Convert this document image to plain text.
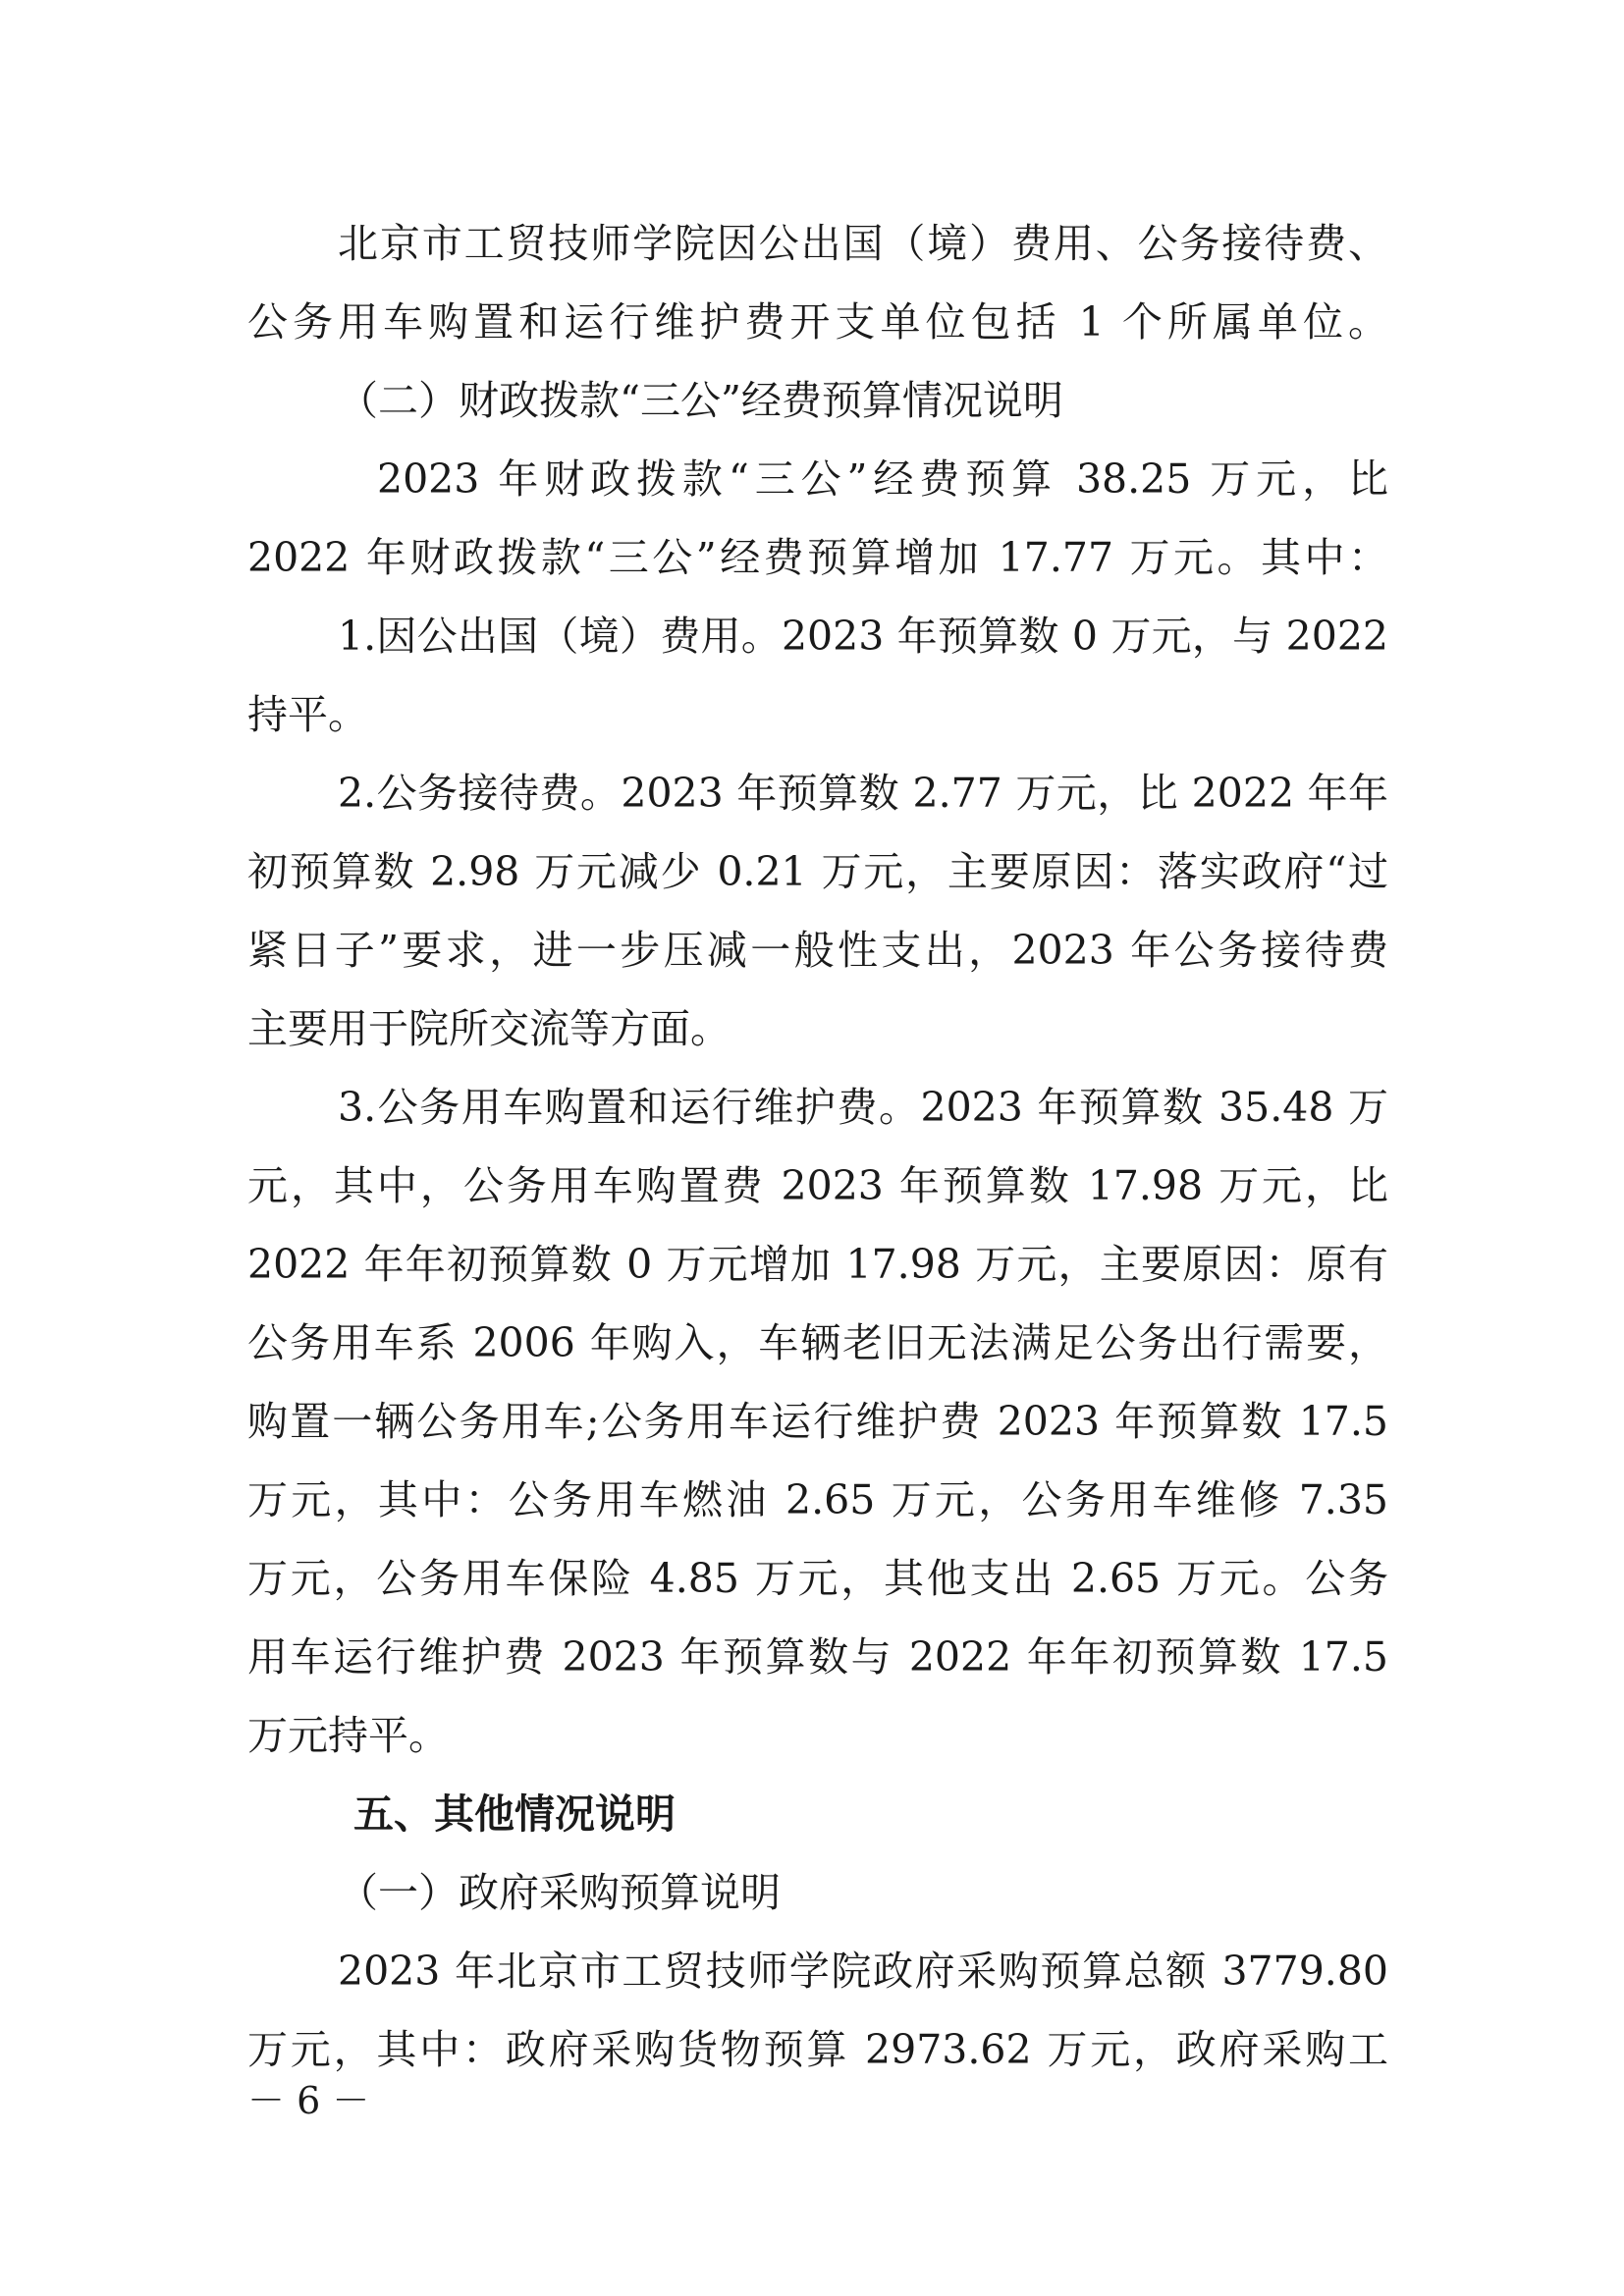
北京市工贸技师学院因公出国（境）费用、公务接待费、
公务用车购置和运行维护费开支单位包括 1 个所属单位。
（二）财政拨款“三公”经费预算情况说明
2023 年财政拨款“三公”经费预算 38.25 万元，比
2022 年财政拨款“三公”经费预算增加 17.77 万元。其中：
1.因公出国（境）费用。2023 年预算数 0 万元，与 2022
持平。
2.公务接待费。2023 年预算数 2.77 万元，比 2022 年年
初预算数 2.98 万元减少 0.21 万元，主要原因：落实政府“过
紧日子”要求，进一步压减一般性支出，2023 年公务接待费
主要用于院所交流等方面。
3.公务用车购置和运行维护费。2023 年预算数 35.48 万
元，其中，公务用车购置费 2023 年预算数 17.98 万元，比
2022 年年初预算数 0 万元增加 17.98 万元，主要原因：原有
公务用车系 2006 年购入，车辆老旧无法满足公务出行需要，
购置一辆公务用车;公务用车运行维护费 2023 年预算数 17.5
万元，其中：公务用车燃油 2.65 万元，公务用车维修 7.35
万元，公务用车保险 4.85 万元，其他支出 2.65 万元。公务
用车运行维护费 2023 年预算数与 2022 年年初预算数 17.5
万元持平。
五、其他情况说明
（一）政府采购预算说明
2023 年北京市工贸技师学院政府采购预算总额 3779.80
万元，其中：政府采购货物预算 2973.62 万元，政府采购工
－ 6 －
